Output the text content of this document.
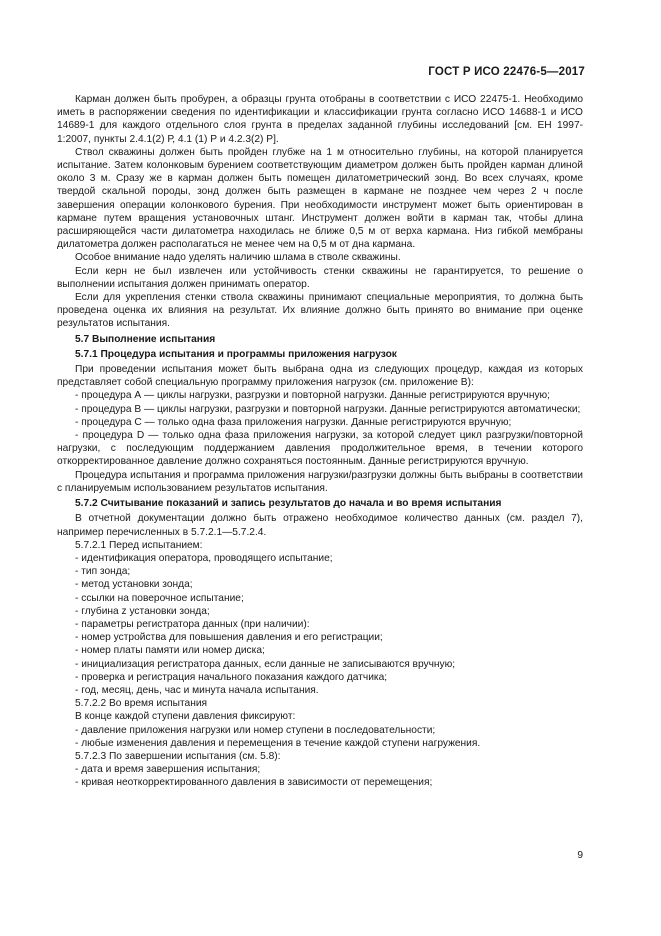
ГОСТ Р ИСО 22476-5—2017

Карман должен быть пробурен, а образцы грунта отобраны в соответствии с ИСО 22475-1. Необходимо иметь в распоряжении сведения по идентификации и классификации грунта согласно ИСО 14688-1 и ИСО 14689-1 для каждого отдельного слоя грунта в пределах заданной глубины исследований [см. ЕН 1997-1:2007, пункты 2.4.1(2) Р, 4.1 (1) Р и 4.2.3(2) Р].

Ствол скважины должен быть пройден глубже на 1 м относительно глубины, на которой планируется испытание. Затем колонковым бурением соответствующим диаметром должен быть пройден карман длиной около 3 м. Сразу же в карман должен быть помещен дилатометрический зонд. Во всех случаях, кроме твердой скальной породы, зонд должен быть размещен в кармане не позднее чем через 2 ч после завершения операции колонкового бурения. При необходимости инструмент может быть ориентирован в кармане путем вращения установочных штанг. Инструмент должен войти в карман так, чтобы длина расширяющейся части дилатометра находилась не ближе 0,5 м от верха кармана. Низ гибкой мембраны дилатометра должен располагаться не менее чем на 0,5 м от дна кармана.

Особое внимание надо уделять наличию шлама в стволе скважины.

Если керн не был извлечен или устойчивость стенки скважины не гарантируется, то решение о выполнении испытания должен принимать оператор.

Если для укрепления стенки ствола скважины принимают специальные мероприятия, то должна быть проведена оценка их влияния на результат. Их влияние должно быть принято во внимание при оценке результатов испытания.

5.7 Выполнение испытания

5.7.1 Процедура испытания и программы приложения нагрузок

При проведении испытания может быть выбрана одна из следующих процедур, каждая из которых представляет собой специальную программу приложения нагрузок (см. приложение В):

- процедура А — циклы нагрузки, разгрузки и повторной нагрузки. Данные регистрируются вручную;

- процедура В — циклы нагрузки, разгрузки и повторной нагрузки. Данные регистрируются автоматически;

- процедура С — только одна фаза приложения нагрузки. Данные регистрируются вручную;

- процедура D — только одна фаза приложения нагрузки, за которой следует цикл разгрузки/повторной нагрузки, с последующим поддержанием давления продолжительное время, в течении которого откорректированное давление должно сохраняться постоянным. Данные регистрируются вручную.

Процедура испытания и программа приложения нагрузки/разгрузки должны быть выбраны в соответствии с планируемым использованием результатов испытания.

5.7.2 Считывание показаний и запись результатов до начала и во время испытания

В отчетной документации должно быть отражено необходимое количество данных (см. раздел 7), например перечисленных в 5.7.2.1—5.7.2.4.

5.7.2.1 Перед испытанием:

- идентификация оператора, проводящего испытание;

- тип зонда;

- метод установки зонда;

- ссылки на поверочное испытание;

- глубина z установки зонда;

- параметры регистратора данных (при наличии):

- номер устройства для повышения давления и его регистрации;

- номер платы памяти или номер диска;

- инициализация регистратора данных, если данные не записываются вручную;

- проверка и регистрация начального показания каждого датчика;

- год, месяц, день, час и минута начала испытания.

5.7.2.2 Во время испытания

В конце каждой ступени давления фиксируют:

- давление приложения нагрузки или номер ступени в последовательности;

- любые изменения давления и перемещения в течение каждой ступени нагружения.

5.7.2.3 По завершении испытания (см. 5.8):

- дата и время завершения испытания;

- кривая неоткорректированного давления в зависимости от перемещения;

9
